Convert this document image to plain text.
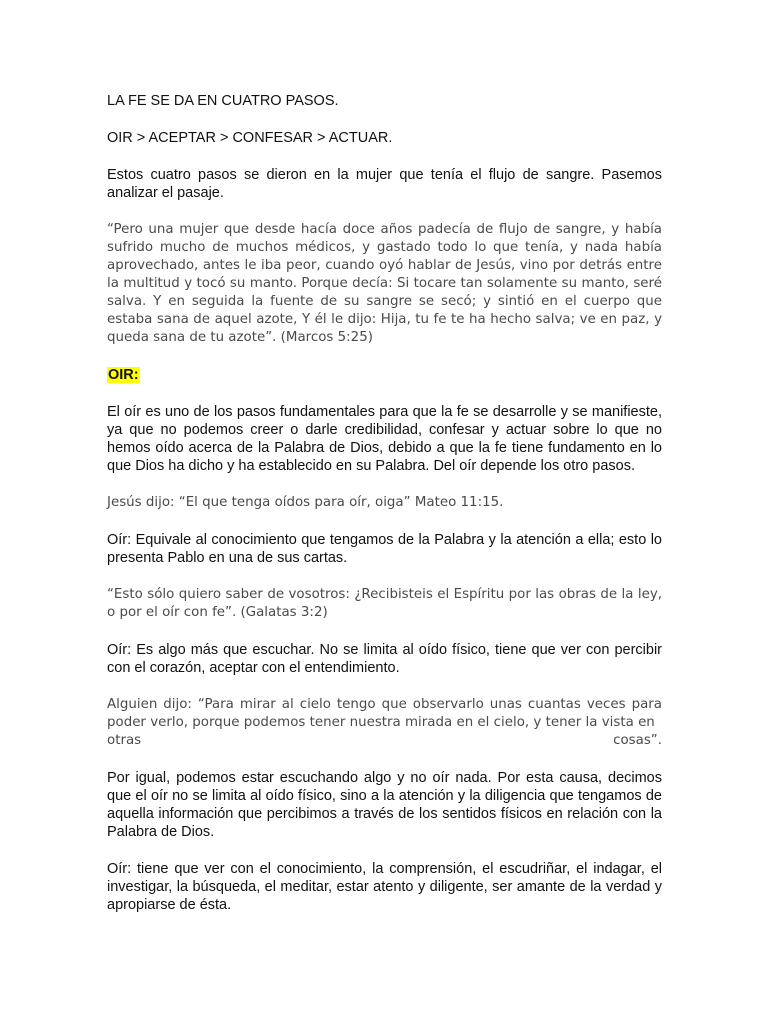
LA FE SE DA EN CUATRO PASOS.

OIR > ACEPTAR > CONFESAR > ACTUAR.

Estos cuatro pasos se dieron en la mujer que tenía el flujo de sangre. Pasemos analizar el pasaje.

“Pero una mujer que desde hacía doce años padecía de flujo de sangre, y había sufrido mucho de muchos médicos, y gastado todo lo que tenía, y nada había aprovechado, antes le iba peor, cuando oyó hablar de Jesús, vino por detrás entre la multitud y tocó su manto. Porque decía: Si tocare tan solamente su manto, seré salva. Y en seguida la fuente de su sangre se secó; y sintió en el cuerpo que estaba sana de aquel azote, Y él le dijo: Hija, tu fe te ha hecho salva; ve en paz, y queda sana de tu azote”. (Marcos 5:25)

OIR:

El oír es uno de los pasos fundamentales para que la fe se desarrolle y se manifieste, ya que no podemos creer o darle credibilidad, confesar y actuar sobre lo que no hemos oído acerca de la Palabra de Dios, debido a que la fe tiene fundamento en lo que Dios ha dicho y ha establecido en su Palabra. Del oír depende los otro pasos.

Jesús dijo: “El que tenga oídos para oír, oiga” Mateo 11:15.

Oír: Equivale al conocimiento que tengamos de la Palabra y la atención a ella; esto lo presenta Pablo en una de sus cartas.

“Esto sólo quiero saber de vosotros: ¿Recibisteis el Espíritu por las obras de la ley, o por el oír con fe”. (Galatas 3:2)

Oír: Es algo más que escuchar. No se limita al oído físico, tiene que ver con percibir con el corazón, aceptar con el entendimiento.

Alguien dijo: “Para mirar al cielo tengo que observarlo unas cuantas veces para poder verlo, porque podemos tener nuestra mirada en el cielo, y tener la vista en
otras	cosas”.

Por igual, podemos estar escuchando algo y no oír nada. Por esta causa, decimos que el oír no se limita al oído físico, sino a la atención y la diligencia que tengamos de aquella información que percibimos a través de los sentidos físicos en relación con la Palabra de Dios.

Oír: tiene que ver con el conocimiento, la comprensión, el escudriñar, el indagar, el investigar, la búsqueda, el meditar, estar atento y diligente, ser amante de la verdad y apropiarse de ésta.
